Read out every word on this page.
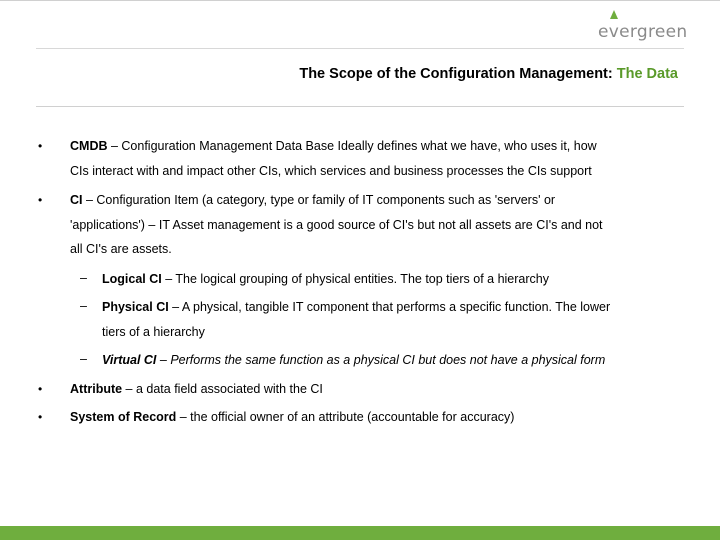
evergreen
The Scope of the Configuration Management: The Data
• CMDB – Configuration Management Data Base Ideally defines what we have, who uses it, how
CIs interact with and impact other CIs, which services and business processes the CIs support
• CI – Configuration Item (a category, type or family of IT components such as 'servers' or
'applications') – IT Asset management is a good source of CI's but not all assets are CI's and not
all CI's are assets.
– Logical CI – The logical grouping of physical entities. The top tiers of a hierarchy
– Physical CI – A physical, tangible IT component that performs a specific function. The lower
tiers of a hierarchy
– Virtual CI – Performs the same function as a physical CI but does not have a physical form
• Attribute – a data field associated with the CI
• System of Record – the official owner of an attribute (accountable for accuracy)
